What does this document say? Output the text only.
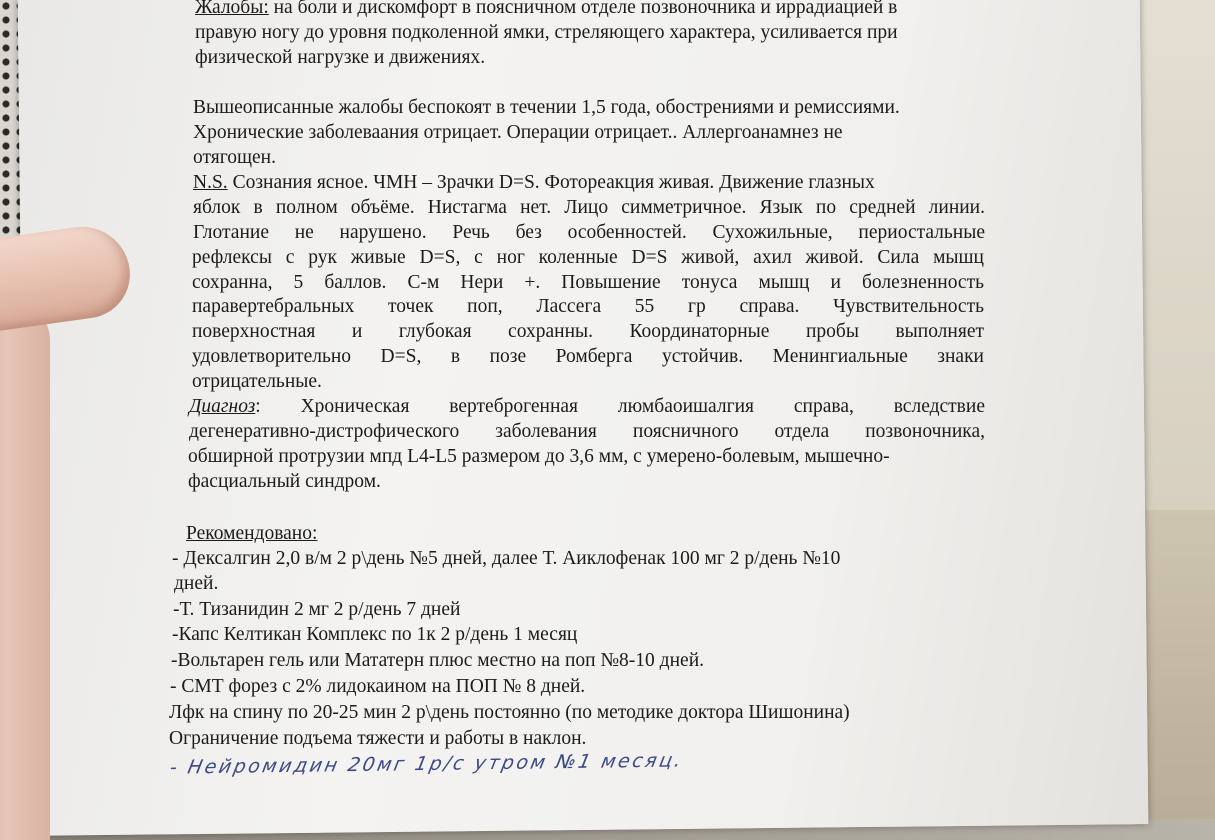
Жалобы: на боли и дискомфорт в поясничном отделе позвоночника и иррадиацией в
правую ногу до уровня подколенной ямки, стреляющего характера, усиливается при
физической нагрузке и движениях.
Вышеописанные жалобы беспокоят в течении 1,5 года, обострениями и ремиссиями.
Хронические заболеваания отрицает. Операции отрицает.. Аллергоанамнез не
отягощен.
N.S. Сознания ясное. ЧМН – Зрачки D=S. Фотореакция живая. Движение глазных
яблок в полном объёме. Нистагма нет. Лицо симметричное. Язык по средней линии.
Глотание не нарушено. Речь без особенностей. Сухожильные, периостальные
рефлексы с рук живые D=S, с ног коленные D=S живой, ахил живой. Сила мышц
сохранна, 5 баллов. С-м Нери +. Повышение тонуса мышц и болезненность
паравертебральных точек поп, Лассега 55 гр справа. Чувствительность
поверхностная и глубокая сохранны. Координаторные пробы выполняет
удовлетворительно D=S, в позе Ромберга устойчив. Менингиальные знаки
отрицательные.
Диагноз: Хроническая вертеброгенная люмбаоишалгия справа, вследствие
дегенеративно-дистрофического заболевания поясничного отдела позвоночника,
обширной протрузии мпд L4-L5 размером до 3,6 мм, с умерено-болевым, мышечно-
фасциальный синдром.
Рекомендовано:
- Дексалгин 2,0 в/м 2 р\день №5 дней, далее Т. Аиклофенак 100 мг 2 р/день №10
дней.
-Т. Тизанидин 2 мг 2 р/день 7 дней
-Капс Келтикан Комплекс по 1к 2 р/день 1 месяц
-Вольтарен гель или Мататерн плюс местно на поп №8-10 дней.
- СМТ форез с 2% лидокаином на ПОП № 8 дней.
Лфк на спину по 20-25 мин 2 р\день постоянно (по методике доктора Шишонина)
Ограничение подъема тяжести и работы в наклон.
- Нейромидин 20мг 1р/с утром №1 месяц.
